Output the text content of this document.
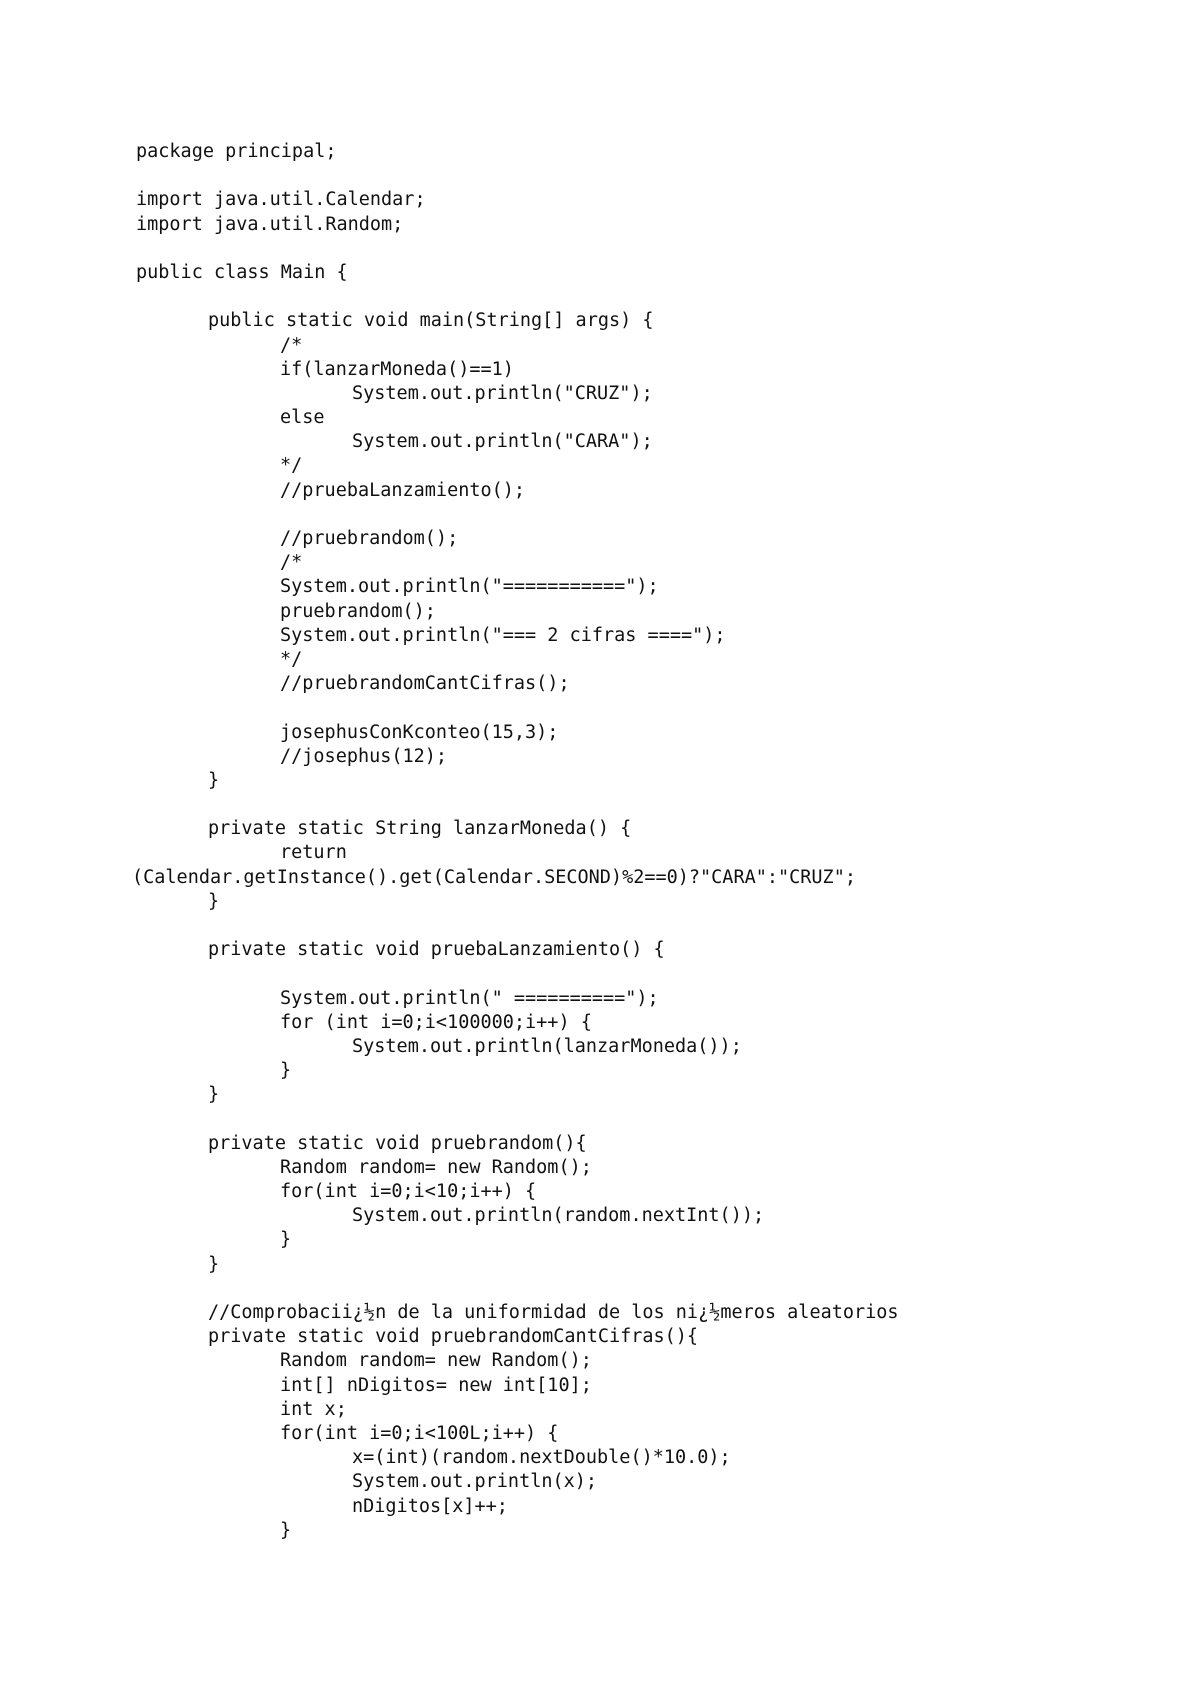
package principal;
import java.util.Calendar;
import java.util.Random;
public class Main {
public static void main(String[] args) {
/*
if(lanzarMoneda()==1)
System.out.println("CRUZ");
else
System.out.println("CARA");
*/
//pruebaLanzamiento();
//pruebrandom();
/*
System.out.println("===========");
pruebrandom();
System.out.println("=== 2 cifras ====");
*/
//pruebrandomCantCifras();
josephusConKconteo(15,3);
//josephus(12);
}
private static String lanzarMoneda() {
return
(Calendar.getInstance().get(Calendar.SECOND)%2==0)?"CARA":"CRUZ";
}
private static void pruebaLanzamiento() {
System.out.println(" ==========");
for (int i=0;i<100000;i++) {
System.out.println(lanzarMoneda());
}
}
private static void pruebrandom(){
Random random= new Random();
for(int i=0;i<10;i++) {
System.out.println(random.nextInt());
}
}
//Comprobacii¿½n de la uniformidad de los ni¿½meros aleatorios
private static void pruebrandomCantCifras(){
Random random= new Random();
int[] nDigitos= new int[10];
int x;
for(int i=0;i<100L;i++) {
x=(int)(random.nextDouble()*10.0);
System.out.println(x);
nDigitos[x]++;
}
